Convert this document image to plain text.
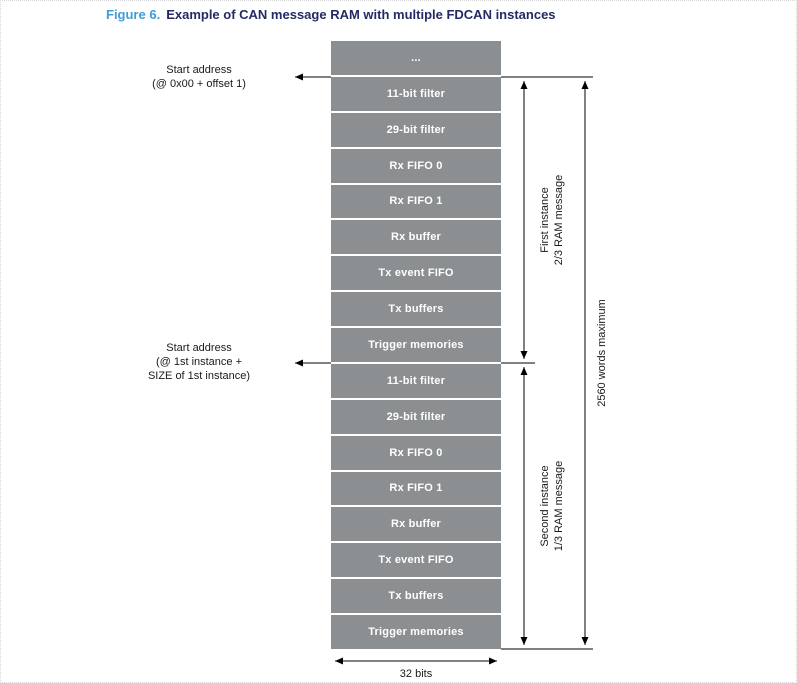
Figure 6. Example of CAN message RAM with multiple FDCAN instances
...
11-bit filter
29-bit filter
Rx FIFO 0
Rx FIFO 1
Rx buffer
Tx event FIFO
Tx buffers
Trigger memories
11-bit filter
29-bit filter
Rx FIFO 0
Rx FIFO 1
Rx buffer
Tx event FIFO
Tx buffers
Trigger memories
Start address
(@ 0x00 + offset 1)
Start address
(@ 1st instance +
SIZE of 1st instance)
First instance 2/3 RAM message
Second instance 1/3 RAM message
2560 words maximum
32 bits
